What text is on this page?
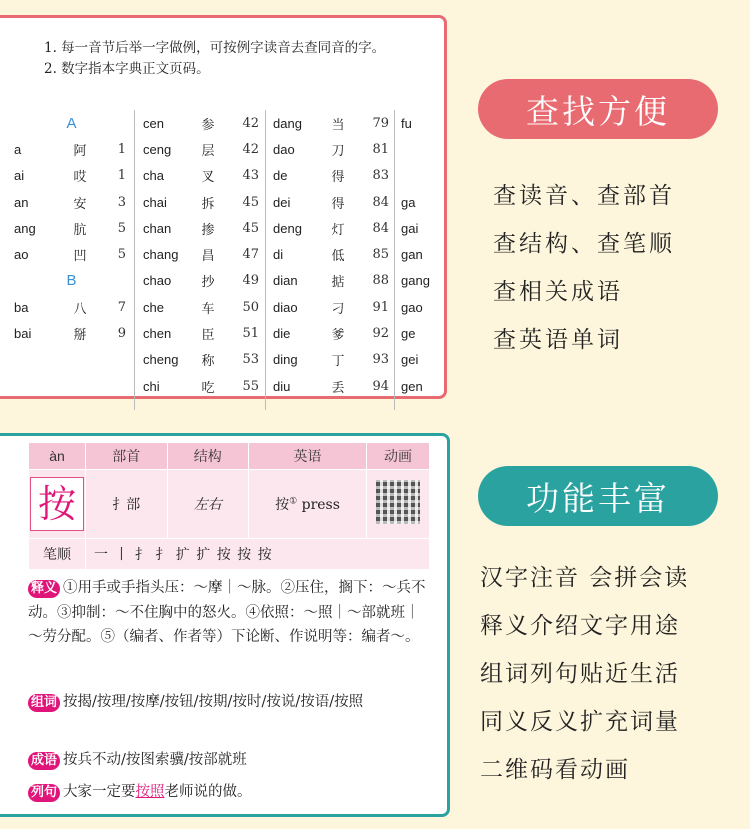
1. 每一音节后举一字做例，可按例字读音去查同音的字。
2. 数字指本字典正文页码。
A
a	阿	1
ai	哎	1
an	安	3
ang	肮	5
ao	凹	5
B
ba	八	7
bai	掰	9
cen	参	42
ceng	层	42
cha	叉	43
chai	拆	45
chan	掺	45
chang	昌	47
chao	抄	49
che	车	50
chen	臣	51
cheng	称	53
chi	吃	55
dang	当	79
dao	刀	81
de	得	83
dei	得	84
deng	灯	84
di	低	85
dian	掂	88
diao	刁	91
die	爹	92
ding	丁	93
diu	丢	94
fu
ga
gai
gan
gang
gao
ge
gei
gen
查找方便
查读音、查部首
查结构、查笔顺
查相关成语
查英语单词
àn	部首	结构	英语	动画
按	扌部	左右	按① press	
笔顺	一 丨 扌 扌 扩 扩 按 按 按			
释义 ①用手或手指头压：～摩｜～脉。②压住，搁下：～兵不动。③抑制：～不住胸中的怒火。④依照：～照｜～部就班｜～劳分配。⑤（编者、作者等）下论断、作说明等：编者～。
组词 按揭/按理/按摩/按钮/按期/按时/按说/按语/按照
成语 按兵不动/按图索骥/按部就班
列句 大家一定要按照老师说的做。
功能丰富
汉字注音 会拼会读
释义介绍文字用途
组词列句贴近生活
同义反义扩充词量
二维码看动画
